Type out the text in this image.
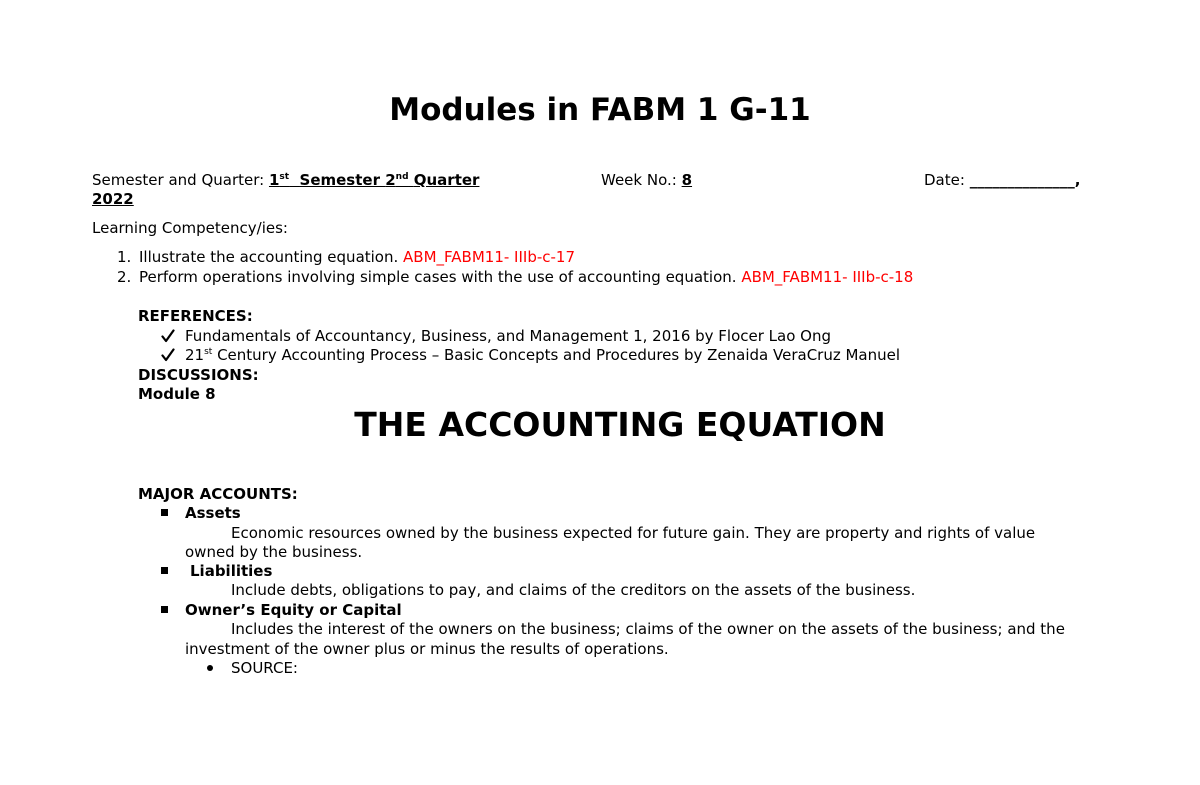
Modules in FABM 1 G-11
Semester and Quarter: 1st Semester 2nd Quarter	Week No.: 8	Date: ______________,
2022
Learning Competency/ies:
1. Illustrate the accounting equation. ABM_FABM11- IIIb-c-17
2. Perform operations involving simple cases with the use of accounting equation. ABM_FABM11- IIIb-c-18
REFERENCES:
Fundamentals of Accountancy, Business, and Management 1, 2016 by Flocer Lao Ong
21st Century Accounting Process – Basic Concepts and Procedures by Zenaida VeraCruz Manuel
DISCUSSIONS:
Module 8
THE ACCOUNTING EQUATION
MAJOR ACCOUNTS:
Assets
Economic resources owned by the business expected for future gain. They are property and rights of value
owned by the business.
Liabilities
Include debts, obligations to pay, and claims of the creditors on the assets of the business.
Owner’s Equity or Capital
Includes the interest of the owners on the business; claims of the owner on the assets of the business; and the
investment of the owner plus or minus the results of operations.
SOURCE:
